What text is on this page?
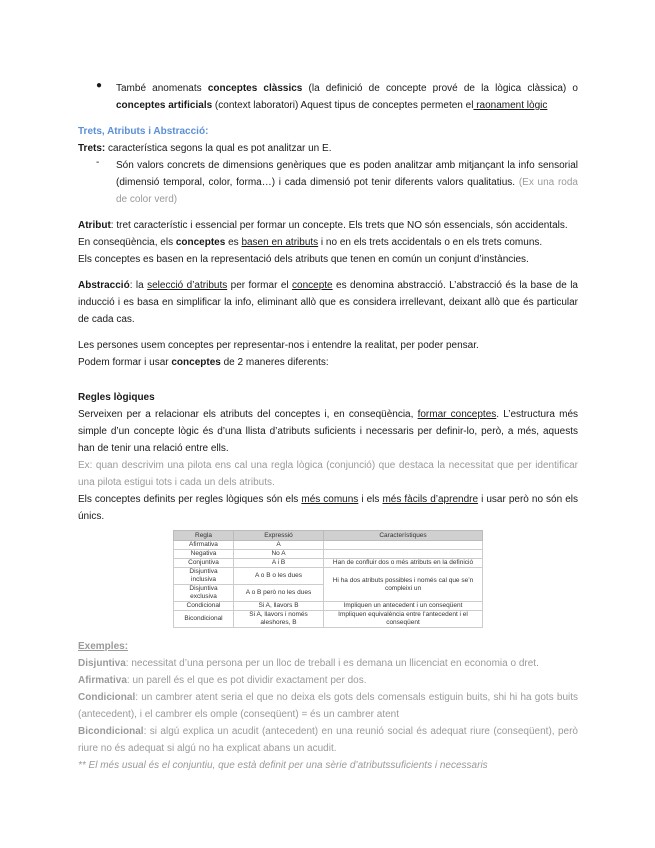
●	També anomenats conceptes clàssics (la definició de concepte prové de la lògica clàssica) o conceptes artificials (context laboratori) Aquest tipus de conceptes permeten el raonament lògic

Trets, Atributs i Abstracció:

Trets: característica segons la qual es pot analitzar un E.

-	Són valors concrets de dimensions genèriques que es poden analitzar amb mitjançant la info sensorial (dimensió temporal, color, forma…) i cada dimensió pot tenir diferents valors qualitatius. (Ex una roda de color verd)

Atribut: tret característic i essencial per formar un concepte. Els trets que NO són essencials, són accidentals.

En conseqüència, els conceptes es basen en atributs i no en els trets accidentals o en els trets comuns.

Els conceptes es basen en la representació dels atributs que tenen en común un conjunt d’instàncies.

Abstracció: la selecció d’atributs per formar el concepte es denomina abstracció. L’abstracció és la base de la inducció i es basa en simplificar la info, eliminant allò que es considera irrellevant, deixant allò que és particular de cada cas.

Les persones usem conceptes per representar-nos i entendre la realitat, per poder pensar.

Podem formar i usar conceptes de 2 maneres diferents:

Regles lògiques

Serveixen per a relacionar els atributs del conceptes i, en conseqüència, formar conceptes. L’estructura més simple d’un concepte lògic és d’una llista d’atributs suficients i necessaris per definir-lo, però, a més, aquests han de tenir una relació entre ells.

Ex: quan descrivim una pilota ens cal una regla lògica (conjunció) que destaca la necessitat que per identificar una pilota estigui tots i cada un dels atributs.

Els conceptes definits per regles lògiques són els més comuns i els més fàcils d’aprendre i usar però no són els únics.

Regla	Expressió	Característiques
Afirmativa	A	
Negativa	No A	
Conjuntiva	A i B	Han de confluir dos o més atributs en la definició
Disjuntiva inclusiva	A o B o les dues	Hi ha dos atributs possibles i només cal que se’n compleixi un
Disjuntiva exclusiva	A o B però no les dues	
Condicional	Si A, llavors B	Impliquen un antecedent i un conseqüent
Bicondicional	Si A, llavors i només aleshores, B	Impliquen equivalència entre l’antecedent i el conseqüent

Exemples:

Disjuntiva: necessitat d’una persona per un lloc de treball i es demana un llicenciat en economia o dret.

Afirmativa: un parell és el que es pot dividir exactament per dos.

Condicional: un cambrer atent seria el que no deixa els gots dels comensals estiguin buits, shi hi ha gots buits (antecedent), i el cambrer els omple (conseqüent) = és un cambrer atent

Bicondicional: si algú explica un acudit (antecedent) en una reunió social és adequat riure (conseqüent), però riure no és adequat si algú no ha explicat abans un acudit.

** El més usual és el conjuntiu, que està definit per una sèrie d’atributssuficients i necessaris
